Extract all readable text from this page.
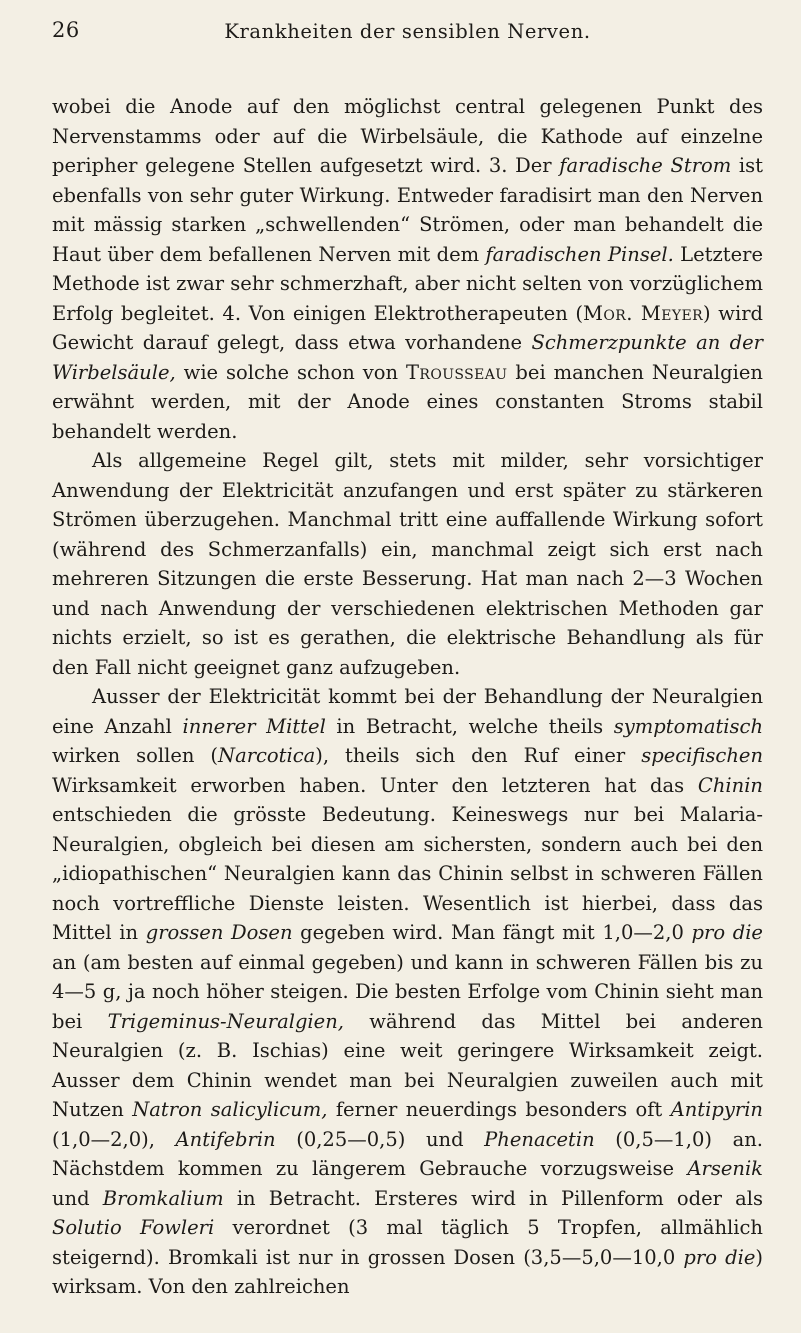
26	Krankheiten der sensiblen Nerven.

wobei die Anode auf den möglichst central gelegenen Punkt des Nervenstamms oder auf die Wirbelsäule, die Kathode auf einzelne peripher gelegene Stellen aufgesetzt wird. 3. Der faradische Strom ist ebenfalls von sehr guter Wirkung. Entweder faradisirt man den Nerven mit mässig starken „schwellenden“ Strömen, oder man behandelt die Haut über dem befallenen Nerven mit dem faradischen Pinsel. Letztere Methode ist zwar sehr schmerzhaft, aber nicht selten von vorzüglichem Erfolg begleitet. 4. Von einigen Elektrotherapeuten (Mor. Meyer) wird Gewicht darauf gelegt, dass etwa vorhandene Schmerzpunkte an der Wirbelsäule, wie solche schon von Trousseau bei manchen Neuralgien erwähnt werden, mit der Anode eines constanten Stroms stabil behandelt werden.

Als allgemeine Regel gilt, stets mit milder, sehr vorsichtiger Anwendung der Elektricität anzufangen und erst später zu stärkeren Strömen überzugehen. Manchmal tritt eine auffallende Wirkung sofort (während des Schmerzanfalls) ein, manchmal zeigt sich erst nach mehreren Sitzungen die erste Besserung. Hat man nach 2—3 Wochen und nach Anwendung der verschiedenen elektrischen Methoden gar nichts erzielt, so ist es gerathen, die elektrische Behandlung als für den Fall nicht geeignet ganz aufzugeben.

Ausser der Elektricität kommt bei der Behandlung der Neuralgien eine Anzahl innerer Mittel in Betracht, welche theils symptomatisch wirken sollen (Narcotica), theils sich den Ruf einer specifischen Wirksamkeit erworben haben. Unter den letzteren hat das Chinin entschieden die grösste Bedeutung. Keineswegs nur bei Malaria-Neuralgien, obgleich bei diesen am sichersten, sondern auch bei den „idiopathischen“ Neuralgien kann das Chinin selbst in schweren Fällen noch vortreffliche Dienste leisten. Wesentlich ist hierbei, dass das Mittel in grossen Dosen gegeben wird. Man fängt mit 1,0—2,0 pro die an (am besten auf einmal gegeben) und kann in schweren Fällen bis zu 4—5 g, ja noch höher steigen. Die besten Erfolge vom Chinin sieht man bei Trigeminus-Neuralgien, während das Mittel bei anderen Neuralgien (z. B. Ischias) eine weit geringere Wirksamkeit zeigt. Ausser dem Chinin wendet man bei Neuralgien zuweilen auch mit Nutzen Natron salicylicum, ferner neuerdings besonders oft Antipyrin (1,0—2,0), Antifebrin (0,25—0,5) und Phenacetin (0,5—1,0) an. Nächstdem kommen zu längerem Gebrauche vorzugsweise Arsenik und Bromkalium in Betracht. Ersteres wird in Pillenform oder als Solutio Fowleri verordnet (3 mal täglich 5 Tropfen, allmählich steigernd). Bromkali ist nur in grossen Dosen (3,5—5,0—10,0 pro die) wirksam. Von den zahlreichen
